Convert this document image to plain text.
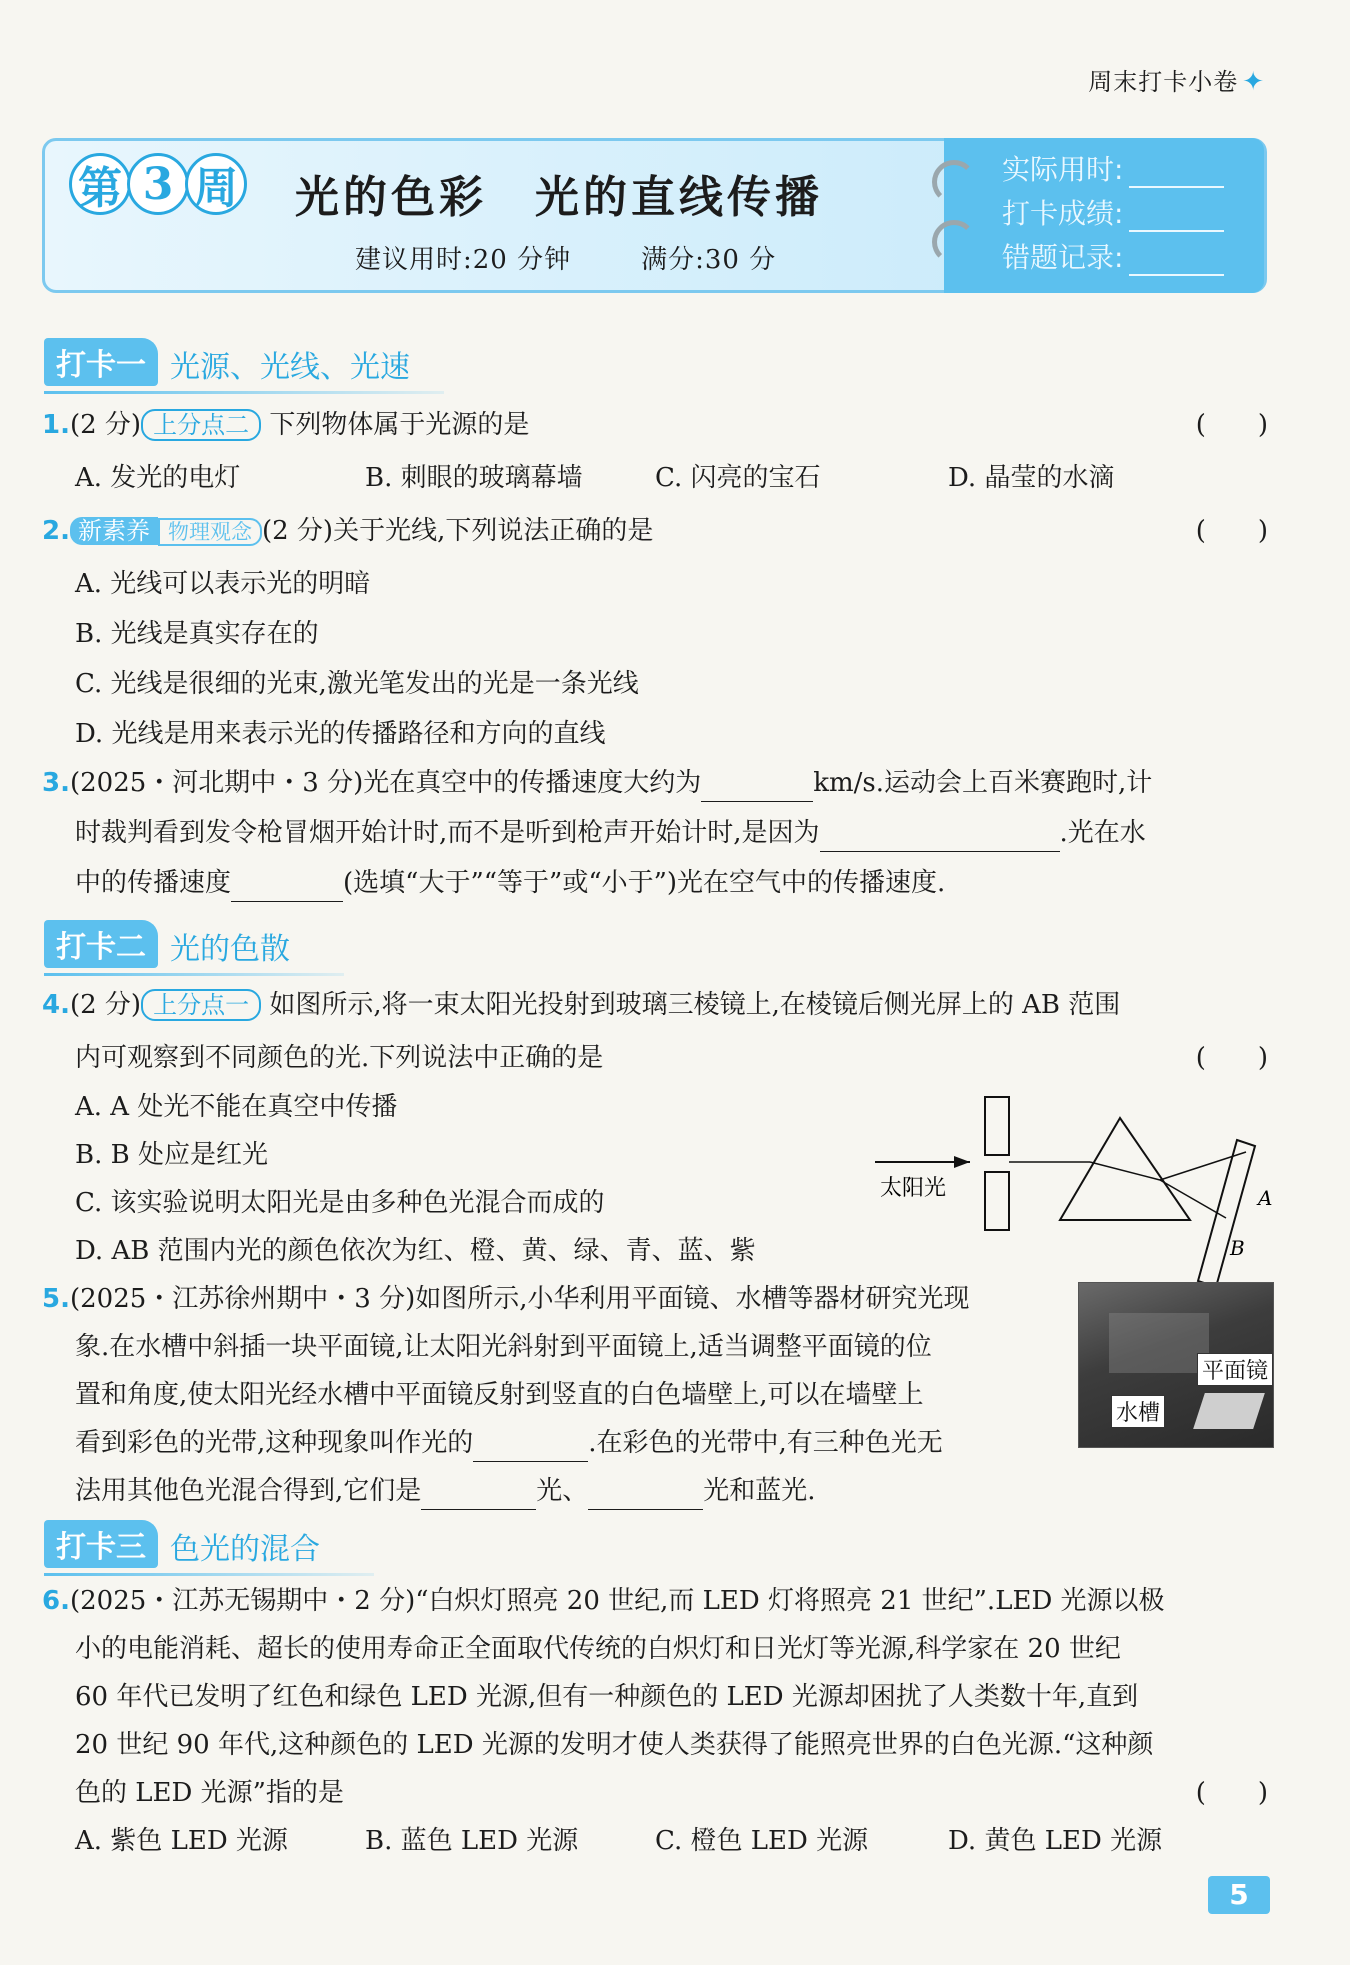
周末打卡小卷 ✦
第 3 周 光的色彩　光的直线传播
建议用时:20 分钟	满分:30 分
实际用时:
打卡成绩:
错题记录:
打卡一 光源、光线、光速
1.(2 分) 上分点二 下列物体属于光源的是	(　　)
A. 发光的电灯	B. 刺眼的玻璃幕墙	C. 闪亮的宝石	D. 晶莹的水滴
2. 新素养 物理观念 (2 分)关于光线,下列说法正确的是	(　　)
A. 光线可以表示光的明暗
B. 光线是真实存在的
C. 光线是很细的光束,激光笔发出的光是一条光线
D. 光线是用来表示光的传播路径和方向的直线
3.(2025・河北期中・3 分)光在真空中的传播速度大约为	km/s.运动会上百米赛跑时,计
时裁判看到发令枪冒烟开始计时,而不是听到枪声开始计时,是因为	.光在水
中的传播速度	(选填“大于”“等于”或“小于”)光在空气中的传播速度.
打卡二 光的色散
4.(2 分) 上分点一 如图所示,将一束太阳光投射到玻璃三棱镜上,在棱镜后侧光屏上的 AB 范围
内可观察到不同颜色的光.下列说法中正确的是	(　　)
A. A 处光不能在真空中传播
B. B 处应是红光
C. 该实验说明太阳光是由多种色光混合而成的
D. AB 范围内光的颜色依次为红、橙、黄、绿、青、蓝、紫
太阳光	A
B
5.(2025・江苏徐州期中・3 分)如图所示,小华利用平面镜、水槽等器材研究光现
象.在水槽中斜插一块平面镜,让太阳光斜射到平面镜上,适当调整平面镜的位
置和角度,使太阳光经水槽中平面镜反射到竖直的白色墙壁上,可以在墙壁上
看到彩色的光带,这种现象叫作光的	.在彩色的光带中,有三种色光无
法用其他色光混合得到,它们是	光、	光和蓝光.
平面镜
水槽
打卡三 色光的混合
6.(2025・江苏无锡期中・2 分)“白炽灯照亮 20 世纪,而 LED 灯将照亮 21 世纪”.LED 光源以极
小的电能消耗、超长的使用寿命正全面取代传统的白炽灯和日光灯等光源,科学家在 20 世纪
60 年代已发明了红色和绿色 LED 光源,但有一种颜色的 LED 光源却困扰了人类数十年,直到
20 世纪 90 年代,这种颜色的 LED 光源的发明才使人类获得了能照亮世界的白色光源.“这种颜
色的 LED 光源”指的是	(　　)
A. 紫色 LED 光源	B. 蓝色 LED 光源	C. 橙色 LED 光源	D. 黄色 LED 光源
5
